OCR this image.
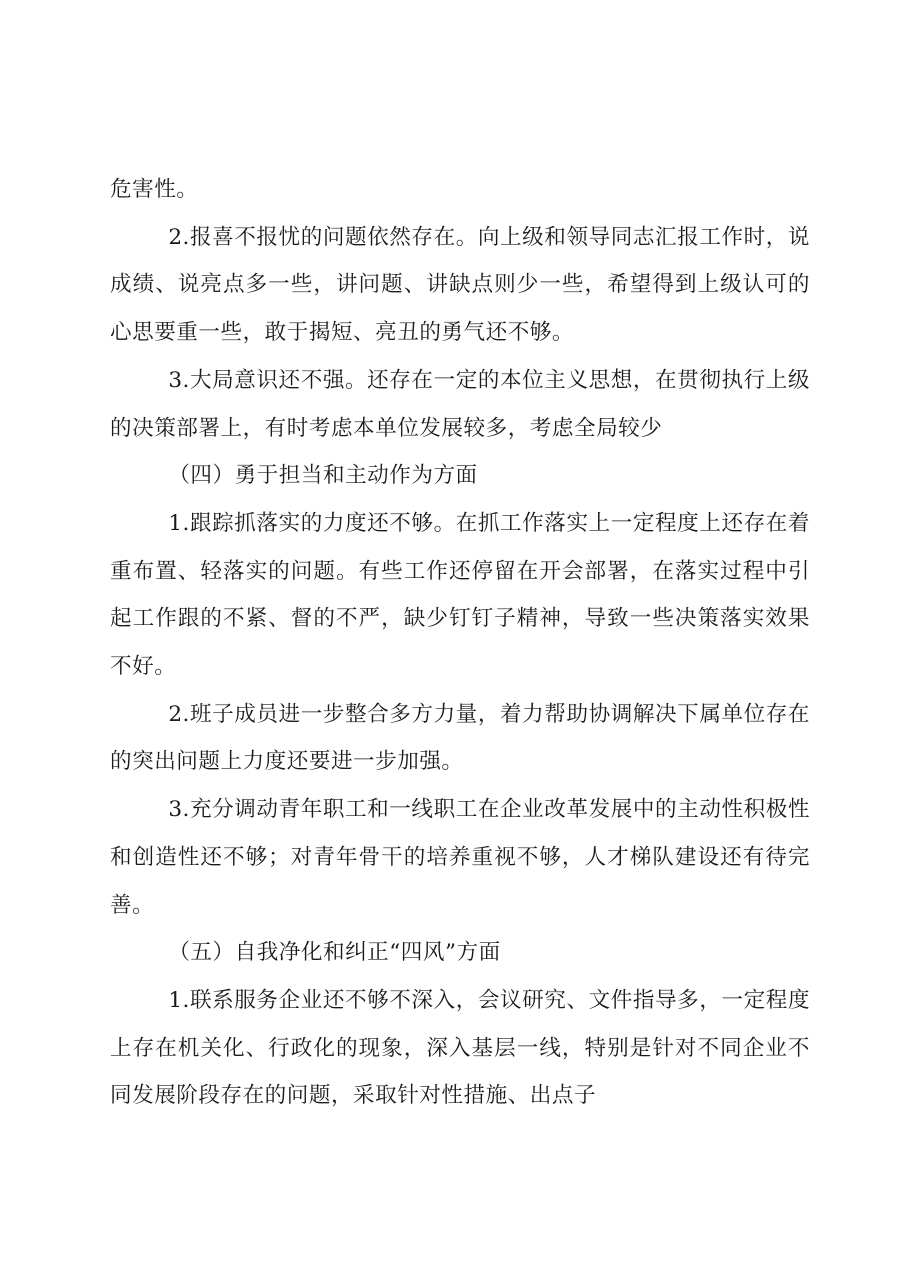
危害性。

2.报喜不报忧的问题依然存在。向上级和领导同志汇报工作时，说成绩、说亮点多一些，讲问题、讲缺点则少一些，希望得到上级认可的心思要重一些，敢于揭短、亮丑的勇气还不够。

3.大局意识还不强。还存在一定的本位主义思想，在贯彻执行上级的决策部署上，有时考虑本单位发展较多，考虑全局较少

（四）勇于担当和主动作为方面

1.跟踪抓落实的力度还不够。在抓工作落实上一定程度上还存在着重布置、轻落实的问题。有些工作还停留在开会部署，在落实过程中引起工作跟的不紧、督的不严，缺少钉钉子精神，导致一些决策落实效果不好。

2.班子成员进一步整合多方力量，着力帮助协调解决下属单位存在的突出问题上力度还要进一步加强。

3.充分调动青年职工和一线职工在企业改革发展中的主动性积极性和创造性还不够；对青年骨干的培养重视不够，人才梯队建设还有待完善。

（五）自我净化和纠正“四风”方面

1.联系服务企业还不够不深入，会议研究、文件指导多，一定程度上存在机关化、行政化的现象，深入基层一线，特别是针对不同企业不同发展阶段存在的问题，采取针对性措施、出点子
